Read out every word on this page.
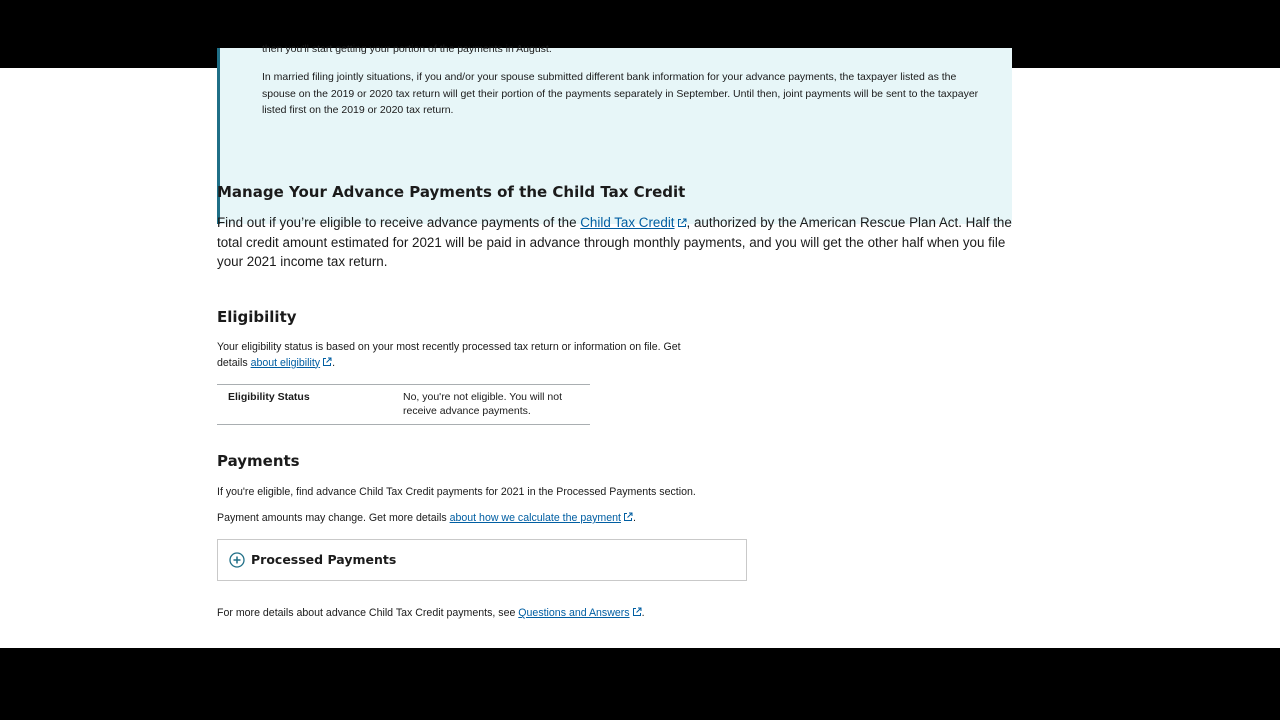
then you'll start getting your portion of the payments in August.

In married filing jointly situations, if you and/or your spouse submitted different bank information for your advance payments, the taxpayer listed as the spouse on the 2019 or 2020 tax return will get their portion of the payments separately in September. Until then, joint payments will be sent to the taxpayer listed first on the 2019 or 2020 tax return.

Manage Your Advance Payments of the Child Tax Credit

Find out if you’re eligible to receive advance payments of the Child Tax Credit , authorized by the American Rescue Plan Act. Half the total credit amount estimated for 2021 will be paid in advance through monthly payments, and you will get the other half when you file your 2021 income tax return.

Eligibility

Your eligibility status is based on your most recently processed tax return or information on file. Get details about eligibility .

Eligibility Status	No, you're not eligible. You will not receive advance payments.
Payments

If you're eligible, find advance Child Tax Credit payments for 2021 in the Processed Payments section.

Payment amounts may change. Get more details about how we calculate the payment .

Processed Payments

For more details about advance Child Tax Credit payments, see Questions and Answers .
